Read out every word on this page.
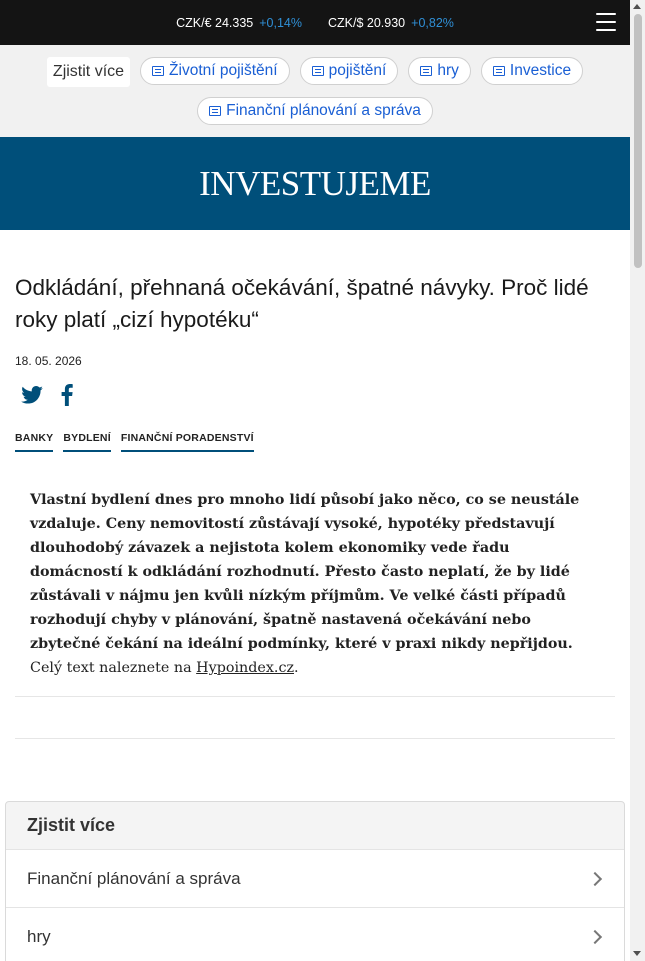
CZK/€ 24.335 +0,14% CZK/$ 20.930 +0,82%
Zjistit více	Životní pojištění	pojištění	hry	Investice
Finanční plánování a správa
INVESTUJEME
Odkládání, přehnaná očekávání, špatné návyky. Proč lidé roky platí „cizí hypotéku“
18. 05. 2026
BANKY BYDLENÍ FINANČNÍ PORADENSTVÍ
Vlastní bydlení dnes pro mnoho lidí působí jako něco, co se neustále vzdaluje. Ceny nemovitostí zůstávají vysoké, hypotéky představují dlouhodobý závazek a nejistota kolem ekonomiky vede řadu domácností k odkládání rozhodnutí. Přesto často neplatí, že by lidé zůstávali v nájmu jen kvůli nízkým příjmům. Ve velké části případů rozhodují chyby v plánování, špatně nastavená očekávání nebo zbytečné čekání na ideální podmínky, které v praxi nikdy nepřijdou. Celý text naleznete na Hypoindex.cz.
Zjistit více
Finanční plánování a správa
hry
